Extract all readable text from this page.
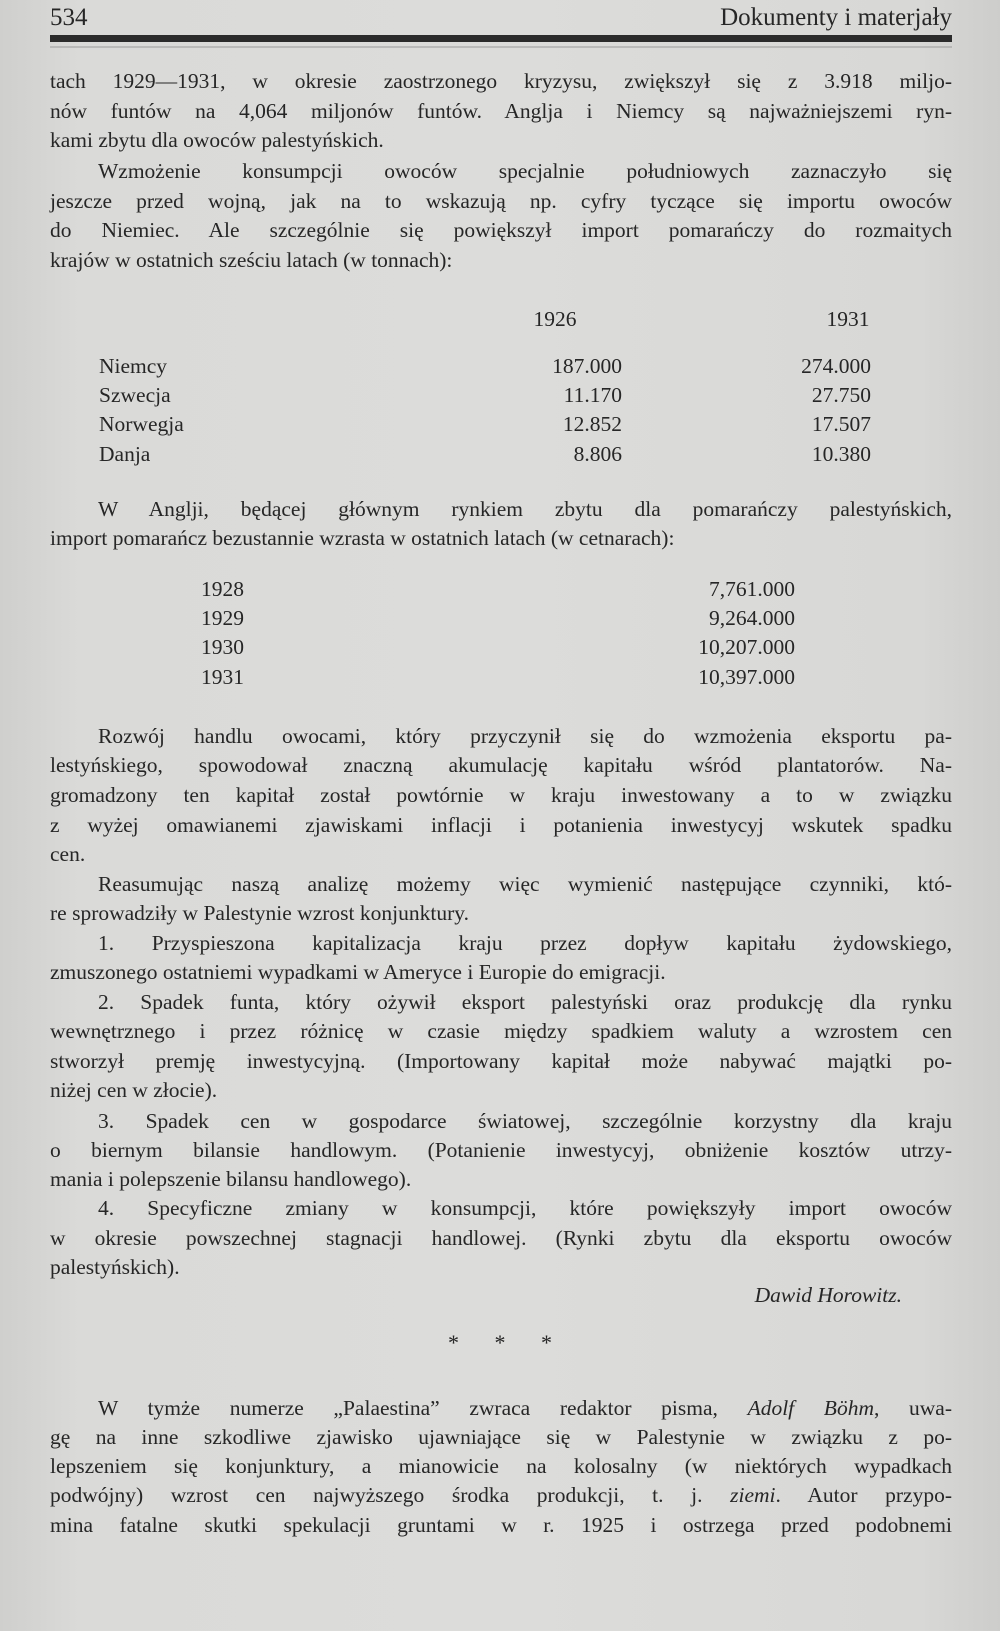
534	Dokumenty i materjały
tach 1929—1931, w okresie zaostrzonego kryzysu, zwiększył się z 3.918 miljo-
nów funtów na 4,064 miljonów funtów. Anglja i Niemcy są najważniejszemi ryn-
kami zbytu dla owoców palestyńskich.
Wzmożenie konsumpcji owoców specjalnie południowych zaznaczyło się
jeszcze przed wojną, jak na to wskazują np. cyfry tyczące się importu owoców
do Niemiec. Ale szczególnie się powiększył import pomarańczy do rozmaitych
krajów w ostatnich sześciu latach (w tonnach):
1926	1931
Niemcy	187.000	274.000
Szwecja	11.170	27.750
Norwegja	12.852	17.507
Danja	8.806	10.380
W Anglji, będącej głównym rynkiem zbytu dla pomarańczy palestyńskich,
import pomarańcz bezustannie wzrasta w ostatnich latach (w cetnarach):
1928	7,761.000
1929	9,264.000
1930	10,207.000
1931	10,397.000
Rozwój handlu owocami, który przyczynił się do wzmożenia eksportu pa-
lestyńskiego, spowodował znaczną akumulację kapitału wśród plantatorów. Na-
gromadzony ten kapitał został powtórnie w kraju inwestowany a to w związku
z wyżej omawianemi zjawiskami inflacji i potanienia inwestycyj wskutek spadku
cen.
Reasumując naszą analizę możemy więc wymienić następujące czynniki, któ-
re sprowadziły w Palestynie wzrost konjunktury.
1. Przyspieszona kapitalizacja kraju przez dopływ kapitału żydowskiego,
zmuszonego ostatniemi wypadkami w Ameryce i Europie do emigracji.
2. Spadek funta, który ożywił eksport palestyński oraz produkcję dla rynku
wewnętrznego i przez różnicę w czasie między spadkiem waluty a wzrostem cen
stworzył premję inwestycyjną. (Importowany kapitał może nabywać majątki po-
niżej cen w złocie).
3. Spadek cen w gospodarce światowej, szczególnie korzystny dla kraju
o biernym bilansie handlowym. (Potanienie inwestycyj, obniżenie kosztów utrzy-
mania i polepszenie bilansu handlowego).
4. Specyficzne zmiany w konsumpcji, które powiększyły import owoców
w okresie powszechnej stagnacji handlowej. (Rynki zbytu dla eksportu owoców
palestyńskich).
Dawid Horowitz.
* * *
W tymże numerze „Palaestina” zwraca redaktor pisma, Adolf Böhm, uwa-
gę na inne szkodliwe zjawisko ujawniające się w Palestynie w związku z po-
lepszeniem się konjunktury, a mianowicie na kolosalny (w niektórych wypadkach
podwójny) wzrost cen najwyższego środka produkcji, t. j. ziemi. Autor przypo-
mina fatalne skutki spekulacji gruntami w r. 1925 i ostrzega przed podobnemi
